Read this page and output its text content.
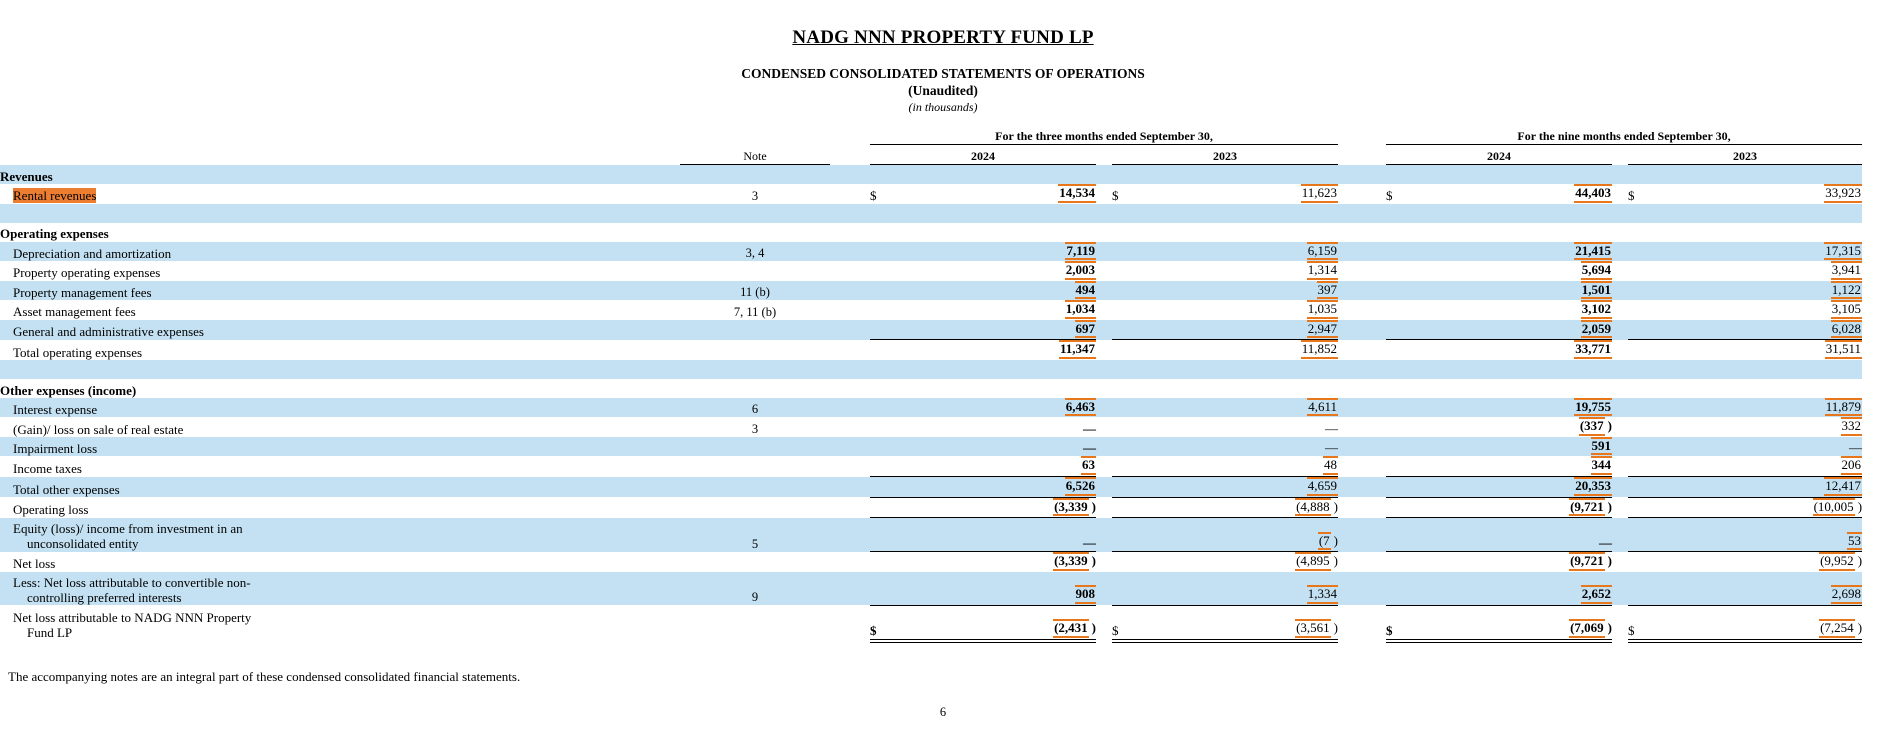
NADG NNN PROPERTY FUND LP
CONDENSED CONSOLIDATED STATEMENTS OF OPERATIONS
(Unaudited)
(in thousands)
			For the three months ended September 30,						For the nine months ended September 30,				
	Note		2024			2023			2024			2023	

Revenues													

Rental revenues	3		$	14,534		$	11,623		$	44,403		$	33,923

Operating expenses													

Depreciation and amortization	3, 4			7,119			6,159			21,415			17,315

Property operating expenses				2,003			1,314			5,694			3,941

Property management fees	11 (b)			494			397			1,501			1,122

Asset management fees	7, 11 (b)			1,034			1,035			3,102			3,105

General and administrative expenses				697			2,947			2,059			6,028

Total operating expenses				11,347			11,852			33,771			31,511

Other expenses (income)													

Interest expense	6			6,463			4,611			19,755			11,879

(Gain)/ loss on sale of real estate	3			—			—			(337 )			332

Impairment loss				—			—			591			—

Income taxes				63			48			344			206

Total other expenses				6,526			4,659			20,353			12,417

Operating loss				(3,339 )			(4,888 )			(9,721 )			(10,005 )

Equity (loss)/ income from investment in an
unconsolidated entity	5			—			(7 )			—			53

Net loss				(3,339 )			(4,895 )			(9,721 )			(9,952 )

Less: Net loss attributable to convertible non-
controlling preferred interests	9			908			1,334			2,652			2,698

Net loss attributable to NADG NNN Property
Fund LP			$	(2,431 )		$	(3,561 )		$	(7,069 )		$	(7,254 )
The accompanying notes are an integral part of these condensed consolidated financial statements.
6
